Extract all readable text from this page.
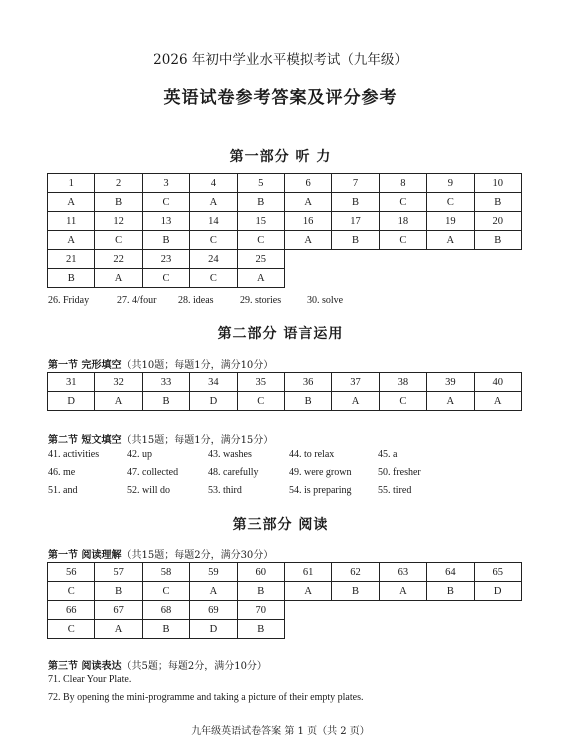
2026 年初中学业水平模拟考试（九年级）
英语试卷参考答案及评分参考
第一部分 听 力
1	2	3	4	5	6	7	8	9	10
A	B	C	A	B	A	B	C	C	B
11	12	13	14	15	16	17	18	19	20
A	C	B	C	C	A	B	C	A	B
21	22	23	24	25					
B	A	C	C	A					
26. Friday	27. 4/four 28. ideas	29. stories	30. solve
第二部分 语言运用
第一节 完形填空（共10题；每题1分，满分10分）
31	32	33	34	35	36	37	38	39	40
D	A	B	D	C	B	A	C	A	A
第二节 短文填空（共15题；每题1分，满分15分）
41. activities	42. up	43. washes	44. to relax	45. a
46. me	47. collected	48. carefully	49. were grown	50. fresher
51. and	52. will do	53. third	54. is preparing	55. tired
第三部分 阅读
第一节 阅读理解（共15题；每题2分，满分30分）
56	57	58	59	60	61	62	63	64	65
C	B	C	A	B	A	B	A	B	D
66	67	68	69	70					
C	A	B	D	B					
第三节 阅读表达（共5题；每题2分，满分10分）
71. Clear Your Plate.
72. By opening the mini-programme and taking a picture of their empty plates.
九年级英语试卷答案 第 1 页（共 2 页）
